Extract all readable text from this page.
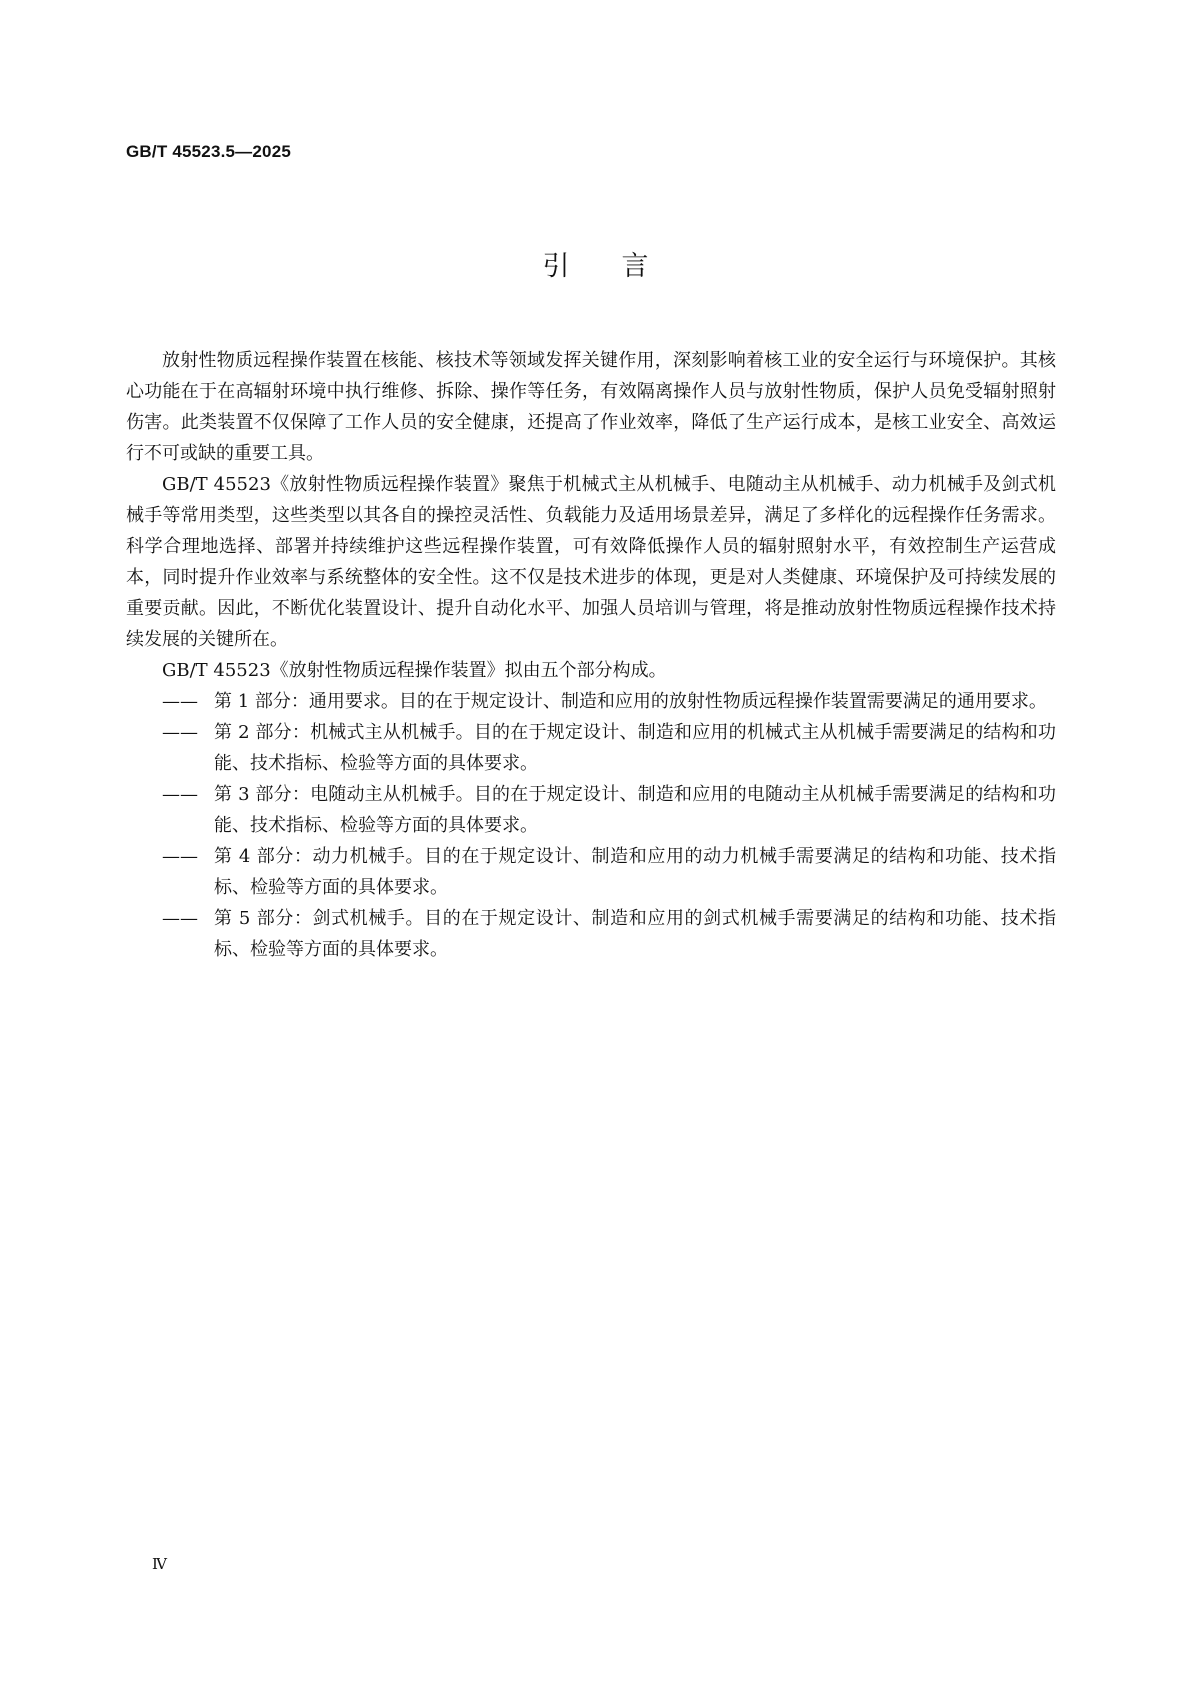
GB/T 45523.5—2025
引言

放射性物质远程操作装置在核能、核技术等领域发挥关键作用，深刻影响着核工业的安全运行与环境保护。其核心功能在于在高辐射环境中执行维修、拆除、操作等任务，有效隔离操作人员与放射性物质，保护人员免受辐射照射伤害。此类装置不仅保障了工作人员的安全健康，还提高了作业效率，降低了生产运行成本，是核工业安全、高效运行不可或缺的重要工具。

GB/T 45523《放射性物质远程操作装置》聚焦于机械式主从机械手、电随动主从机械手、动力机械手及剑式机械手等常用类型，这些类型以其各自的操控灵活性、负载能力及适用场景差异，满足了多样化的远程操作任务需求。科学合理地选择、部署并持续维护这些远程操作装置，可有效降低操作人员的辐射照射水平，有效控制生产运营成本，同时提升作业效率与系统整体的安全性。这不仅是技术进步的体现，更是对人类健康、环境保护及可持续发展的重要贡献。因此，不断优化装置设计、提升自动化水平、加强人员培训与管理，将是推动放射性物质远程操作技术持续发展的关键所在。

GB/T 45523《放射性物质远程操作装置》拟由五个部分构成。

—— 第 1 部分：通用要求。目的在于规定设计、制造和应用的放射性物质远程操作装置需要满足的通用要求。
—— 第 2 部分：机械式主从机械手。目的在于规定设计、制造和应用的机械式主从机械手需要满足的结构和功能、技术指标、检验等方面的具体要求。
—— 第 3 部分：电随动主从机械手。目的在于规定设计、制造和应用的电随动主从机械手需要满足的结构和功能、技术指标、检验等方面的具体要求。
—— 第 4 部分：动力机械手。目的在于规定设计、制造和应用的动力机械手需要满足的结构和功能、技术指标、检验等方面的具体要求。
—— 第 5 部分：剑式机械手。目的在于规定设计、制造和应用的剑式机械手需要满足的结构和功能、技术指标、检验等方面的具体要求。
Ⅳ
